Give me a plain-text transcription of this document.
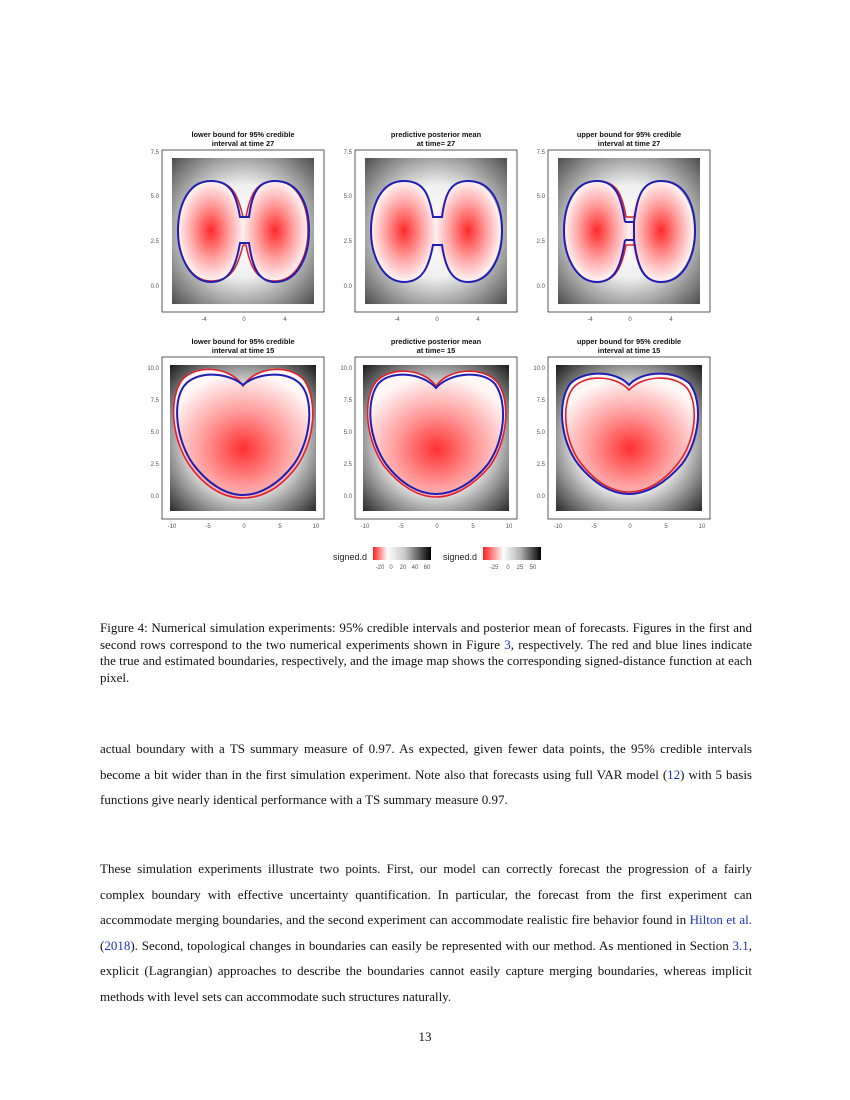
lower bound for 95% credible
interval at time 27
predictive posterior mean
at time= 27
upper bound for 95% credible
interval at time 27
lower bound for 95% credible
interval at time 15
predictive posterior mean
at time= 15
upper bound for 95% credible
interval at time 15
7.5
5.0
2.5
0.0
7.5
5.0
2.5
0.0
7.5
5.0
2.5
0.0
-4	0	4	-4	0	4	-4	0	4
10.0
7.5
5.0
2.5
0.0
10.0
7.5
5.0
2.5
0.0
10.0
7.5
5.0
2.5
0.0
-10	-5	0	5	10	-10	-5	0	5	10	-10	-5	0	5	10
signed.d
-20 0 20 40 60
signed.d
-25 0 25 50
Figure 4: Numerical simulation experiments: 95% credible intervals and posterior mean of forecasts. Figures in the first and second rows correspond to the two numerical experiments shown in Figure 3, respectively. The red and blue lines indicate the true and estimated boundaries, respectively, and the image map shows the corresponding signed-distance function at each pixel.
actual boundary with a TS summary measure of 0.97. As expected, given fewer data points, the 95% credible intervals become a bit wider than in the first simulation experiment. Note also that forecasts using full VAR model (12) with 5 basis functions give nearly identical performance with a TS summary measure 0.97.
These simulation experiments illustrate two points. First, our model can correctly forecast the progression of a fairly complex boundary with effective uncertainty quantification. In particular, the forecast from the first experiment can accommodate merging boundaries, and the second experiment can accommodate realistic fire behavior found in Hilton et al. (2018). Second, topological changes in boundaries can easily be represented with our method. As mentioned in Section 3.1, explicit (Lagrangian) approaches to describe the boundaries cannot easily capture merging boundaries, whereas implicit methods with level sets can accommodate such structures naturally.
13
